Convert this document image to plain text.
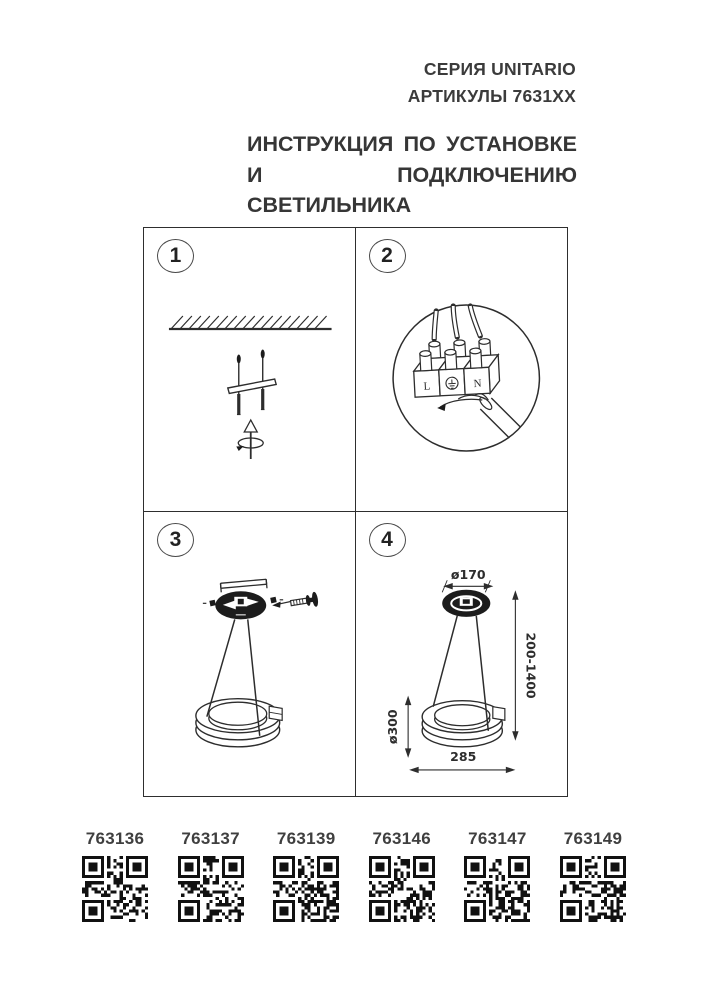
СЕРИЯ UNITARIO
АРТИКУЛЫ 7631XX
ИНСТРУКЦИЯ ПО УСТАНОВКЕ
И ПОДКЛЮЧЕНИЮ СВЕТИЛЬНИКА
1	2
L	N
3	4
ø170
200-1400
ø300
285
763136	763137	763139	763146	763147	763149
